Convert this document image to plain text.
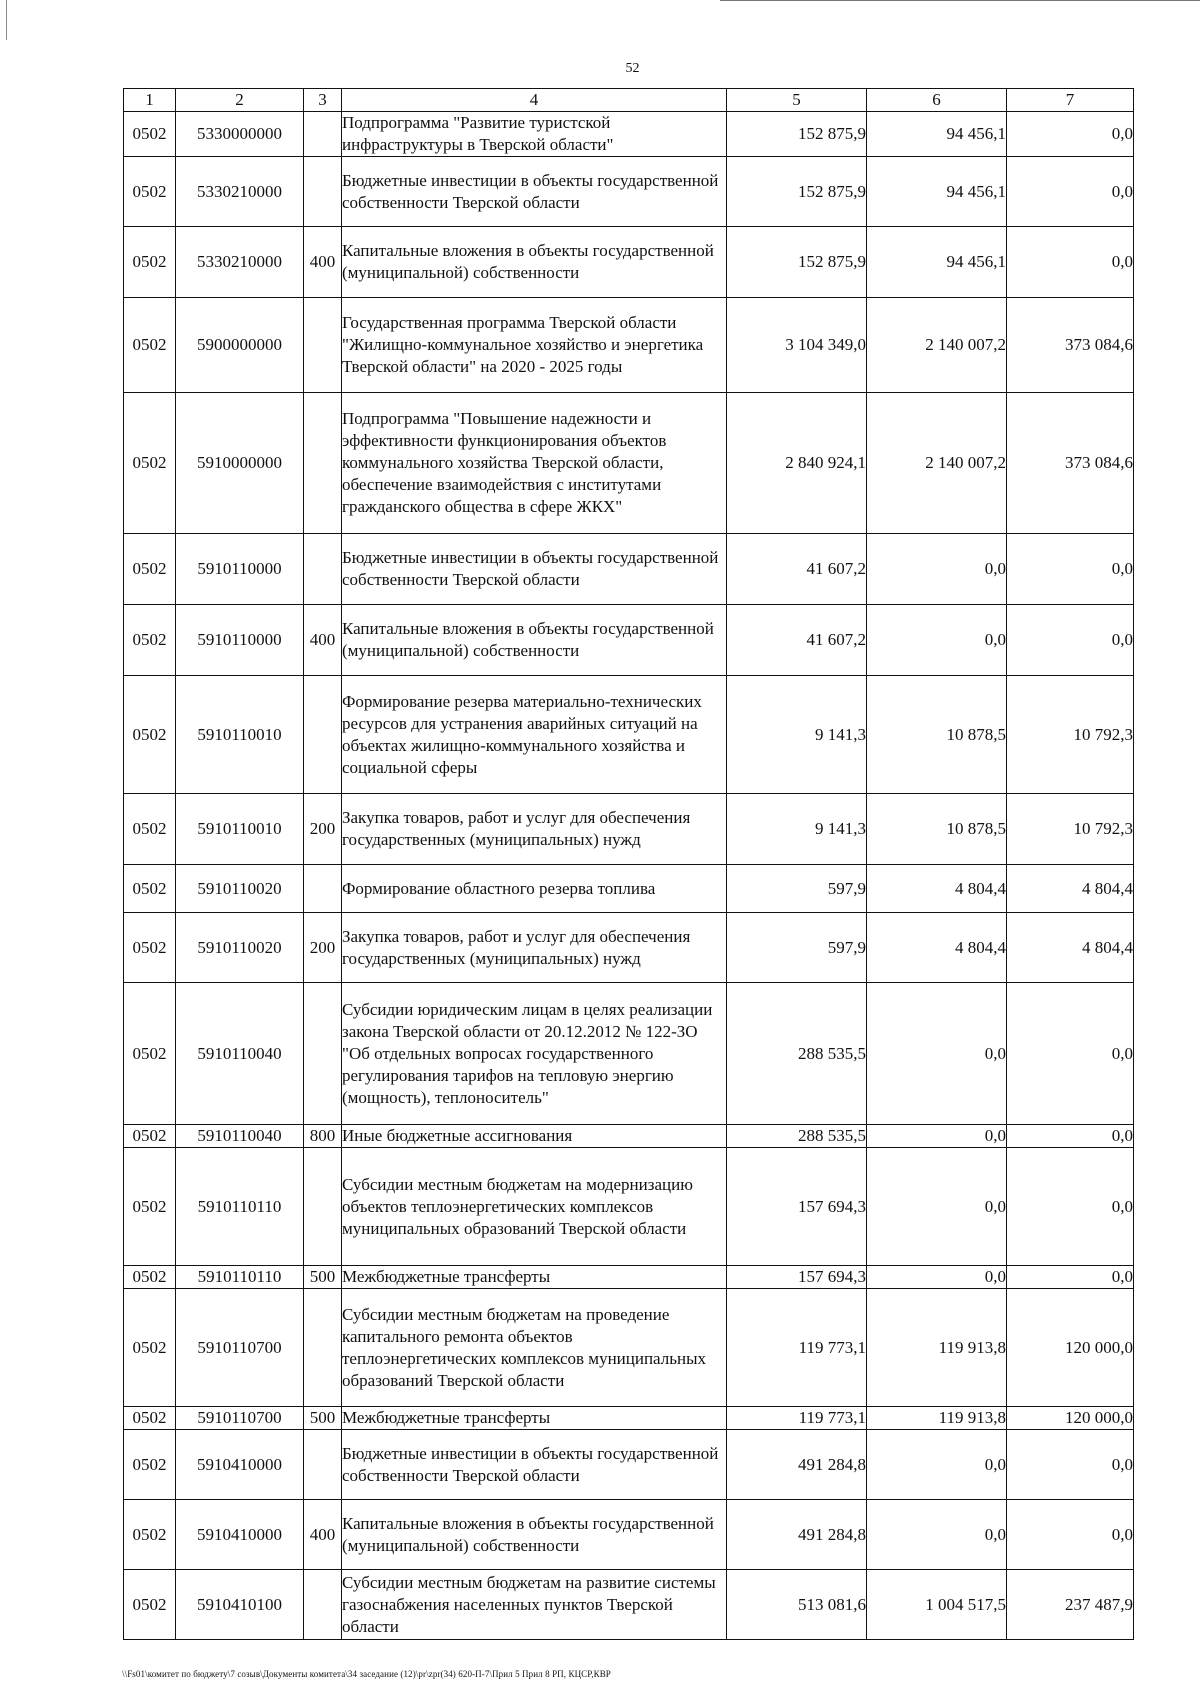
52
1	2	3	4	5	6	7
0502	5330000000		Подпрограмма "Развитие туристской инфраструктуры в Тверской области"	152 875,9	94 456,1	0,0
0502	5330210000		Бюджетные инвестиции в объекты государственной собственности Тверской области	152 875,9	94 456,1	0,0
0502	5330210000	400	Капитальные вложения в объекты государственной (муниципальной) собственности	152 875,9	94 456,1	0,0
0502	5900000000		Государственная программа Тверской области "Жилищно-коммунальное хозяйство и энергетика Тверской области" на 2020 - 2025 годы	3 104 349,0	2 140 007,2	373 084,6
0502	5910000000		Подпрограмма "Повышение надежности и эффективности функционирования объектов коммунального хозяйства Тверской области, обеспечение взаимодействия с институтами гражданского общества в сфере ЖКХ"	2 840 924,1	2 140 007,2	373 084,6
0502	5910110000		Бюджетные инвестиции в объекты государственной собственности Тверской области	41 607,2	0,0	0,0
0502	5910110000	400	Капитальные вложения в объекты государственной (муниципальной) собственности	41 607,2	0,0	0,0
0502	5910110010		Формирование резерва материально-технических ресурсов для устранения аварийных ситуаций на объектах жилищно-коммунального хозяйства и социальной сферы	9 141,3	10 878,5	10 792,3
0502	5910110010	200	Закупка товаров, работ и услуг для обеспечения государственных (муниципальных) нужд	9 141,3	10 878,5	10 792,3
0502	5910110020		Формирование областного резерва топлива	597,9	4 804,4	4 804,4
0502	5910110020	200	Закупка товаров, работ и услуг для обеспечения государственных (муниципальных) нужд	597,9	4 804,4	4 804,4
0502	5910110040		Субсидии юридическим лицам в целях реализации закона Тверской области от 20.12.2012 № 122-ЗО "Об отдельных вопросах государственного регулирования тарифов на тепловую энергию (мощность), теплоноситель"	288 535,5	0,0	0,0
0502	5910110040	800	Иные бюджетные ассигнования	288 535,5	0,0	0,0
0502	5910110110		Субсидии местным бюджетам на модернизацию объектов теплоэнергетических комплексов муниципальных образований Тверской области	157 694,3	0,0	0,0
0502	5910110110	500	Межбюджетные трансферты	157 694,3	0,0	0,0
0502	5910110700		Субсидии местным бюджетам на проведение капитального ремонта объектов теплоэнергетических комплексов муниципальных образований Тверской области	119 773,1	119 913,8	120 000,0
0502	5910110700	500	Межбюджетные трансферты	119 773,1	119 913,8	120 000,0
0502	5910410000		Бюджетные инвестиции в объекты государственной собственности Тверской области	491 284,8	0,0	0,0
0502	5910410000	400	Капитальные вложения в объекты государственной (муниципальной) собственности	491 284,8	0,0	0,0
0502	5910410100		Субсидии местным бюджетам на развитие системы газоснабжения населенных пунктов Тверской области	513 081,6	1 004 517,5	237 487,9
\\Fs01\комитет по бюджету\7 созыв\Документы комитета\34 заседание (12)\pr\zpr(34) 620-П-7\Прил 5 Прил 8 РП, КЦСР,КВР
